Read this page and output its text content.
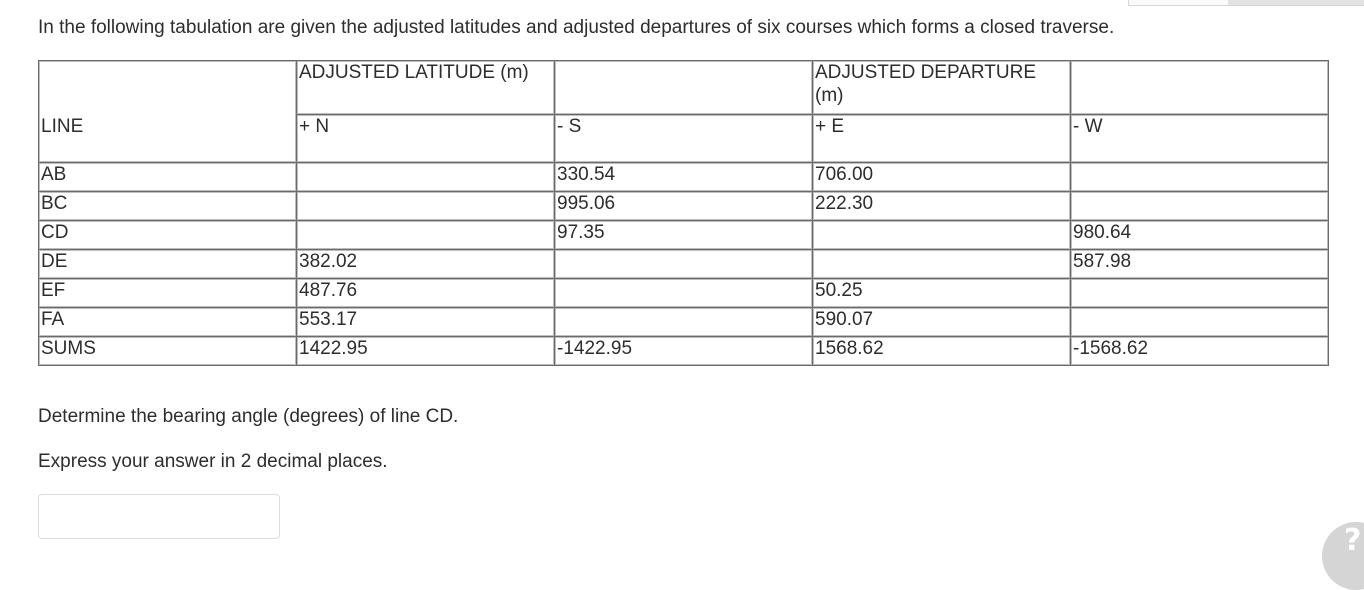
In the following tabulation are given the adjusted latitudes and adjusted departures of six courses which forms a closed traverse.
LINE	ADJUSTED LATITUDE (m)		ADJUSTED DEPARTURE (m)	
	+ N	- S	+ E	- W
AB		330.54	706.00	
BC		995.06	222.30	
CD		97.35		980.64
DE	382.02			587.98
EF	487.76		50.25	
FA	553.17		590.07	
SUMS	1422.95	-1422.95	1568.62	-1568.62
Determine the bearing angle (degrees) of line CD.
Express your answer in 2 decimal places.
?
